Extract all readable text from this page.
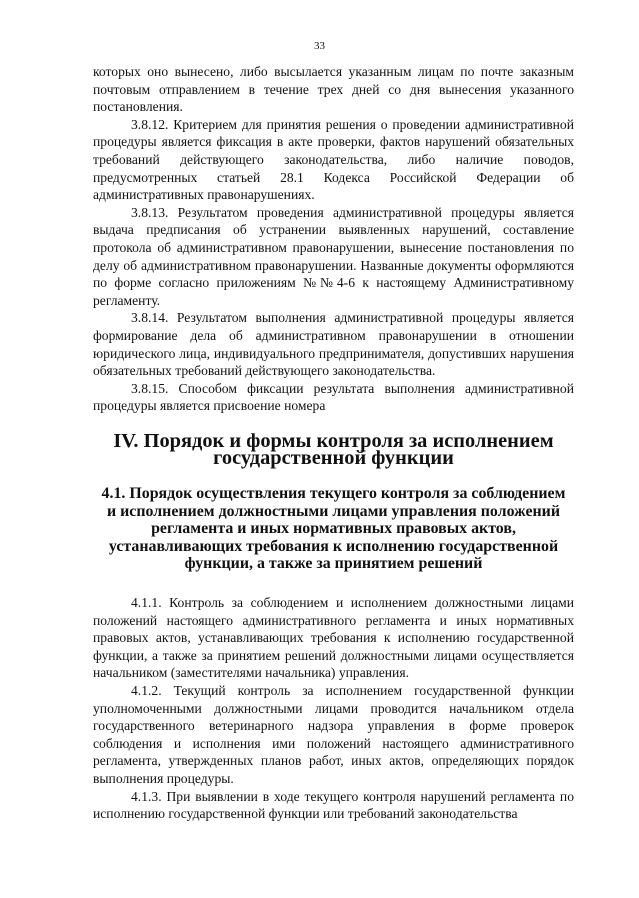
33

которых оно вынесено, либо высылается указанным лицам по почте заказным почтовым отправлением в течение трех дней со дня вынесения указанного постановления.

3.8.12. Критерием для принятия решения о проведении административной процедуры является фиксация в акте проверки, фактов нарушений обязательных требований действующего законодательства, либо наличие поводов, предусмотренных статьей 28.1 Кодекса Российской Федерации об административных правонарушениях.

3.8.13. Результатом проведения административной процедуры является выдача предписания об устранении выявленных нарушений, составление протокола об административном правонарушении, вынесение постановления по делу об административном правонарушении. Названные документы оформляются по форме согласно приложениям №№4-6 к настоящему Административному регламенту.

3.8.14. Результатом выполнения административной процедуры является формирование дела об административном правонарушении в отношении юридического лица, индивидуального предпринимателя, допустивших нарушения обязательных требований действующего законодательства.

3.8.15. Способом фиксации результата выполнения административной процедуры является присвоение номера

IV. Порядок и формы контроля за исполнением государственной функции
4.1. Порядок осуществления текущего контроля за соблюдением и исполнением должностными лицами управления положений регламента и иных нормативных правовых актов, устанавливающих требования к исполнению государственной функции, а также за принятием решений

4.1.1. Контроль за соблюдением и исполнением должностными лицами положений настоящего административного регламента и иных нормативных правовых актов, устанавливающих требования к исполнению государственной функции, а также за принятием решений должностными лицами осуществляется начальником (заместителями начальника) управления.

4.1.2. Текущий контроль за исполнением государственной функции уполномоченными должностными лицами проводится начальником отдела государственного ветеринарного надзора управления в форме проверок соблюдения и исполнения ими положений настоящего административного регламента, утвержденных планов работ, иных актов, определяющих порядок выполнения процедуры.

4.1.3. При выявлении в ходе текущего контроля нарушений регламента по исполнению государственной функции или требований законодательства
